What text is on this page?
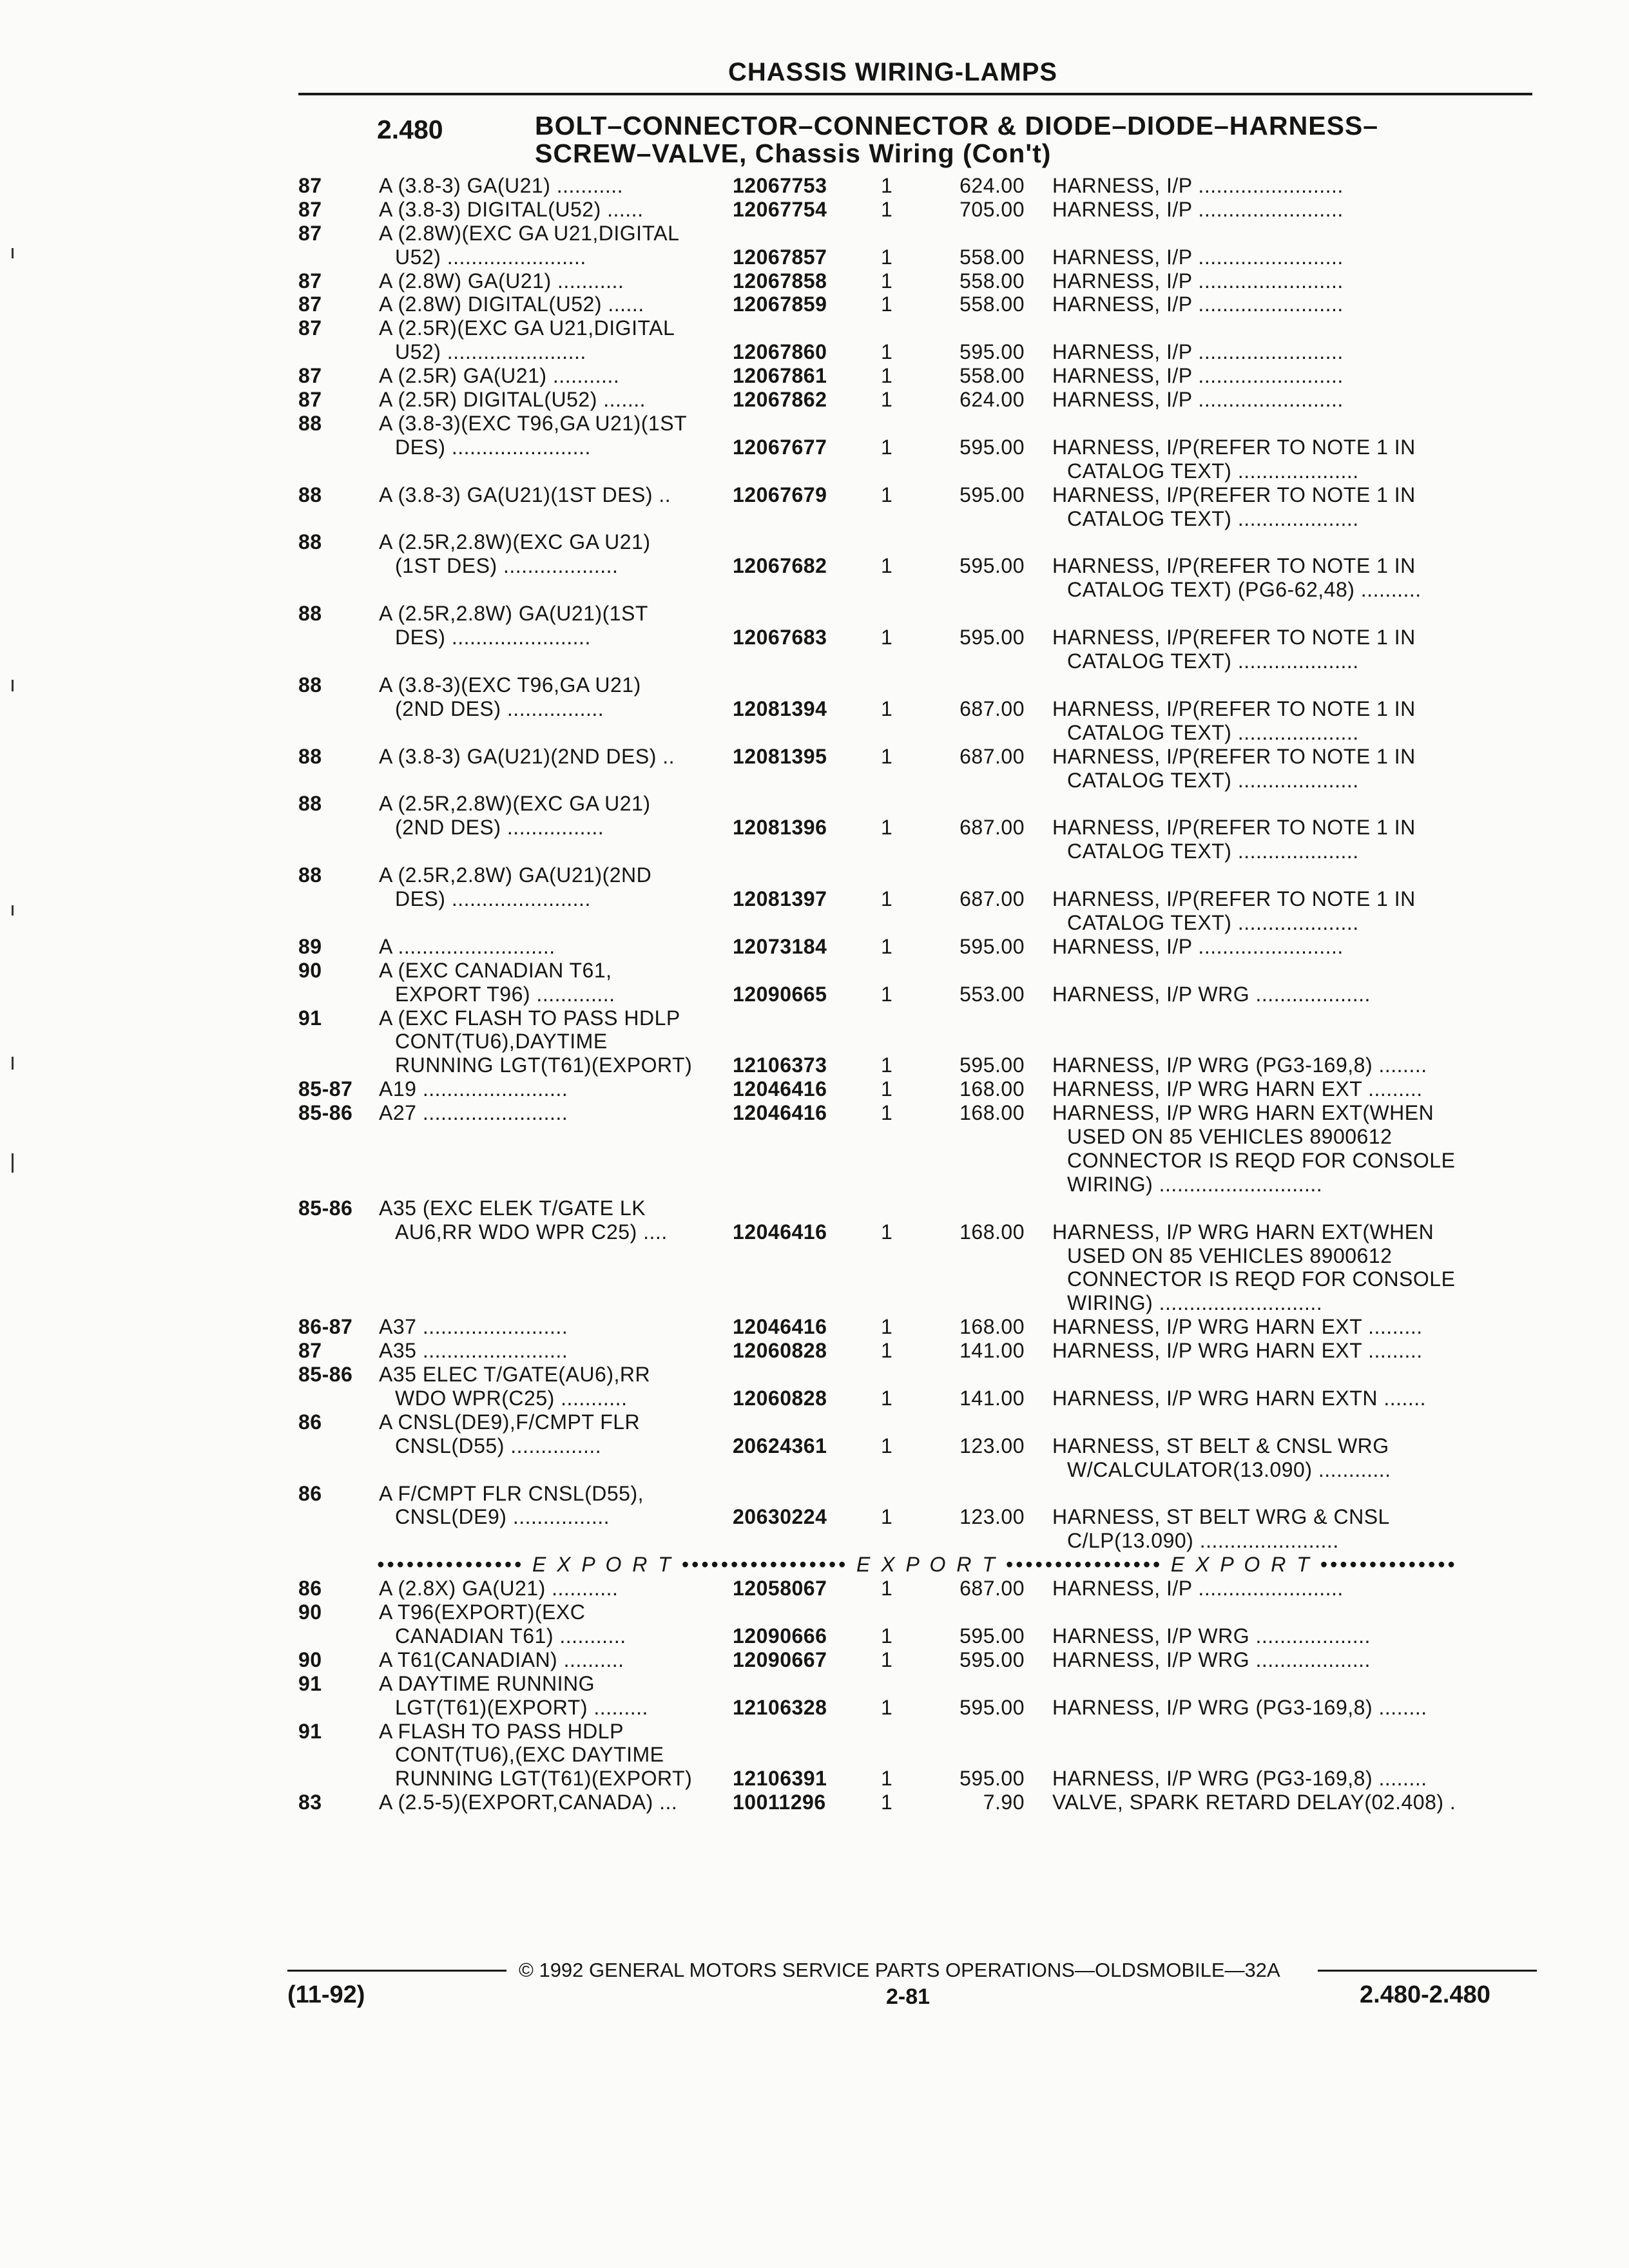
CHASSIS WIRING-LAMPS
2.480	BOLT–CONNECTOR–CONNECTOR & DIODE–DIODE–HARNESS–
SCREW–VALVE, Chassis Wiring (Con't)
87	A (3.8-3) GA(U21) ...........	12067753	1	624.00 HARNESS, I/P ........................
87	A (3.8-3) DIGITAL(U52) ......	12067754	1	705.00 HARNESS, I/P ........................
87	A (2.8W)(EXC GA U21,DIGITAL
U52) .......................	12067857	1	558.00 HARNESS, I/P ........................
87	A (2.8W) GA(U21) ...........	12067858	1	558.00 HARNESS, I/P ........................
87	A (2.8W) DIGITAL(U52) ......	12067859	1	558.00 HARNESS, I/P ........................
87	A (2.5R)(EXC GA U21,DIGITAL
U52) .......................	12067860	1	595.00 HARNESS, I/P ........................
87	A (2.5R) GA(U21) ...........	12067861	1	558.00 HARNESS, I/P ........................
87	A (2.5R) DIGITAL(U52) .......	12067862	1	624.00 HARNESS, I/P ........................
88	A (3.8-3)(EXC T96,GA U21)(1ST
DES) .......................	12067677	1	595.00 HARNESS, I/P(REFER TO NOTE 1 IN
CATALOG TEXT) ....................
88	A (3.8-3) GA(U21)(1ST DES) ..	12067679	1	595.00 HARNESS, I/P(REFER TO NOTE 1 IN
CATALOG TEXT) ....................
88	A (2.5R,2.8W)(EXC GA U21)
(1ST DES) ...................	12067682	1	595.00 HARNESS, I/P(REFER TO NOTE 1 IN
CATALOG TEXT) (PG6-62,48) ..........
88	A (2.5R,2.8W) GA(U21)(1ST
DES) .......................	12067683	1	595.00 HARNESS, I/P(REFER TO NOTE 1 IN
CATALOG TEXT) ....................
88	A (3.8-3)(EXC T96,GA U21)
(2ND DES) ................	12081394	1	687.00 HARNESS, I/P(REFER TO NOTE 1 IN
CATALOG TEXT) ....................
88	A (3.8-3) GA(U21)(2ND DES) ..	12081395	1	687.00 HARNESS, I/P(REFER TO NOTE 1 IN
CATALOG TEXT) ....................
88	A (2.5R,2.8W)(EXC GA U21)
(2ND DES) ................	12081396	1	687.00 HARNESS, I/P(REFER TO NOTE 1 IN
CATALOG TEXT) ....................
88	A (2.5R,2.8W) GA(U21)(2ND
DES) .......................	12081397	1	687.00 HARNESS, I/P(REFER TO NOTE 1 IN
CATALOG TEXT) ....................
89	A ..........................	12073184	1	595.00 HARNESS, I/P ........................
90	A (EXC CANADIAN T61,
EXPORT T96) .............	12090665	1	553.00 HARNESS, I/P WRG ...................
91	A (EXC FLASH TO PASS HDLP
CONT(TU6),DAYTIME
RUNNING LGT(T61)(EXPORT) 12106373	1	595.00 HARNESS, I/P WRG (PG3-169,8) ........
85-87 A19 ........................	12046416	1	168.00 HARNESS, I/P WRG HARN EXT .........
85-86 A27 ........................	12046416	1	168.00 HARNESS, I/P WRG HARN EXT(WHEN
USED ON 85 VEHICLES 8900612
CONNECTOR IS REQD FOR CONSOLE
WIRING) ...........................
85-86 A35 (EXC ELEK T/GATE LK
AU6,RR WDO WPR C25) ....	12046416	1	168.00 HARNESS, I/P WRG HARN EXT(WHEN
USED ON 85 VEHICLES 8900612
CONNECTOR IS REQD FOR CONSOLE
WIRING) ...........................
86-87 A37 ........................	12046416	1	168.00 HARNESS, I/P WRG HARN EXT .........
87	A35 ........................	12060828	1	141.00 HARNESS, I/P WRG HARN EXT .........
85-86 A35 ELEC T/GATE(AU6),RR
WDO WPR(C25) ...........	12060828	1	141.00 HARNESS, I/P WRG HARN EXTN .......
86	A CNSL(DE9),F/CMPT FLR
CNSL(D55) ...............	20624361	1	123.00 HARNESS, ST BELT & CNSL WRG
W/CALCULATOR(13.090) ............
86	A F/CMPT FLR CNSL(D55),
CNSL(DE9) ................	20630224	1	123.00 HARNESS, ST BELT WRG & CNSL
C/LP(13.090) .......................
••••••••••••••• E X P O R T ••••••••••••••••• E X P O R T •••••••••••••••• E X P O R T ••••••••••••••
86	A (2.8X) GA(U21) ...........	12058067	1	687.00 HARNESS, I/P ........................
90	A T96(EXPORT)(EXC
CANADIAN T61) ...........	12090666	1	595.00 HARNESS, I/P WRG ...................
90	A T61(CANADIAN) ..........	12090667	1	595.00 HARNESS, I/P WRG ...................
91	A DAYTIME RUNNING
LGT(T61)(EXPORT) .........	12106328	1	595.00 HARNESS, I/P WRG (PG3-169,8) ........
91	A FLASH TO PASS HDLP
CONT(TU6),(EXC DAYTIME
RUNNING LGT(T61)(EXPORT) 12106391	1	595.00 HARNESS, I/P WRG (PG3-169,8) ........
83	A (2.5-5)(EXPORT,CANADA) ...	10011296	1	7.90 VALVE, SPARK RETARD DELAY(02.408) .
© 1992 GENERAL MOTORS SERVICE PARTS OPERATIONS—OLDSMOBILE—32A
(11-92)	2-81	2.480-2.480
